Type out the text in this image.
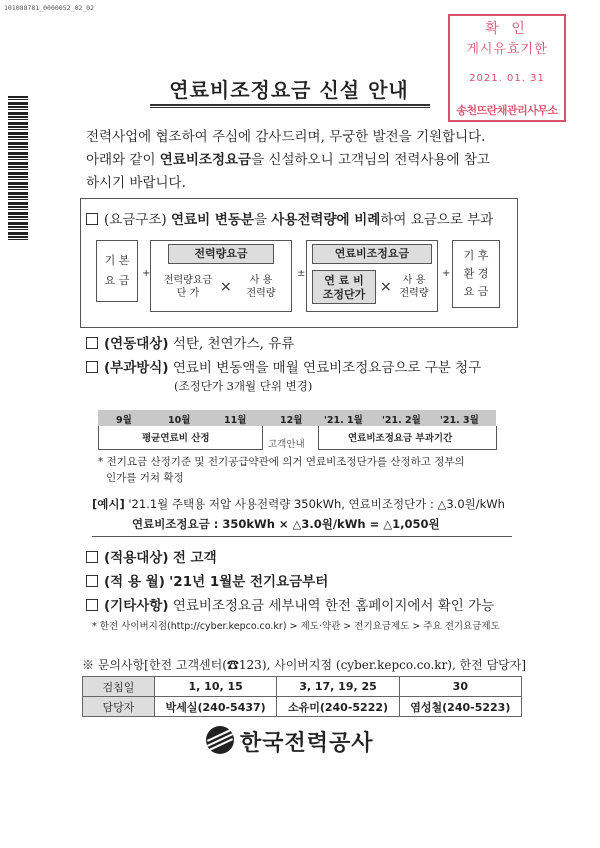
101088781_0000052_02_02
확 인
게시유효기한
2021. 01. 31
송천뜨란채관리사무소
연료비조정요금 신설 안내
전력사업에 협조하여 주심에 감사드리며, 무궁한 발전을 기원합니다.
아래와 같이 연료비조정요금을 신설하오니 고객님의 전력사용에 참고
하시기 바랍니다.
(요금구조) 연료비 변동분을 사용전력량에 비례하여 요금으로 부과
기 본
요 금
+
전력량요금
전력량요금
단 가	×	사 용
전력량
±
연료비조정요금
연 료 비
조정단가	×	사 용
전력량
+
기 후
환 경
요 금
(연동대상) 석탄, 천연가스, 유류
(부과방식) 연료비 변동액을 매월 연료비조정요금으로 구분 청구
(조정단가 3개월 단위 변경)
9월	10월	11월	12월 '21. 1월 '21. 2월 '21. 3월
평균연료비 산정
고객안내
연료비조정요금 부과기간
* 전기요금 산정기준 및 전기공급약관에 의거 연료비조정단가를 산정하고 정부의
인가를 거쳐 확정
[예시] '21.1월 주택용 저압 사용전력량 350kWh, 연료비조정단가 : △3.0원/kWh
연료비조정요금 : 350kWh × △3.0원/kWh = △1,050원
(적용대상) 전 고객
(적 용 월) '21년 1월분 전기요금부터
(기타사항) 연료비조정요금 세부내역 한전 홈페이지에서 확인 가능
* 한전 사이버지점(http://cyber.kepco.co.kr) > 제도·약관 > 전기요금제도 > 주요 전기요금제도
※ 문의사항[한전 고객센터(☎123), 사이버지점 (cyber.kepco.co.kr), 한전 담당자]
검침일	1, 10, 15	3, 17, 19, 25	30
담당자	박세실(240-5437)	소유미(240-5222)	염성철(240-5223)
한국전력공사
